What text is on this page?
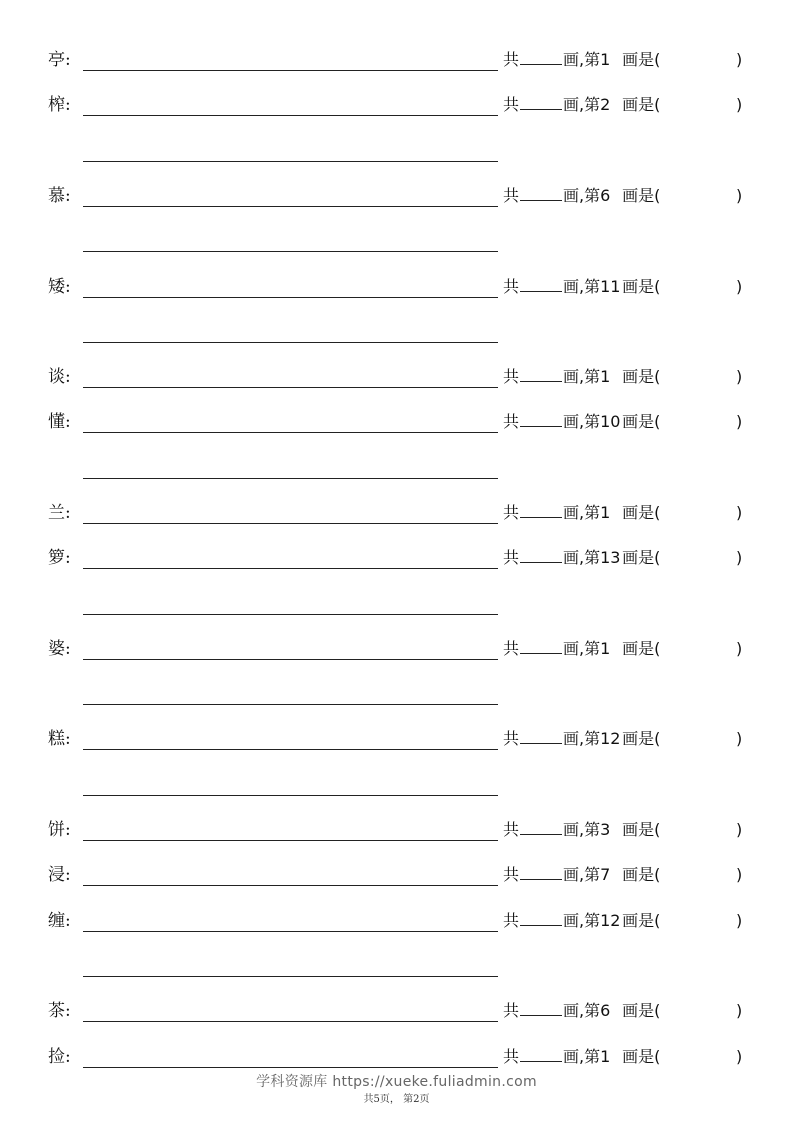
亭:	共	画,第1 画是(	)
榨:	共	画,第2 画是(	)
慕:	共	画,第6 画是(	)
矮:	共	画,第11 画是(	)
谈:	共	画,第1 画是(	)
懂:	共	画,第10 画是(	)
兰:	共	画,第1 画是(	)
箩:	共	画,第13 画是(	)
婆:	共	画,第1 画是(	)
糕:	共	画,第12 画是(	)
饼:	共	画,第3 画是(	)
浸:	共	画,第7 画是(	)
缠:	共	画,第12 画是(	)
茶:	共	画,第6 画是(	)
捡:	共	画,第1 画是(	)
学科资源库 https://xueke.fuliadmin.com
共5页， 第2页
